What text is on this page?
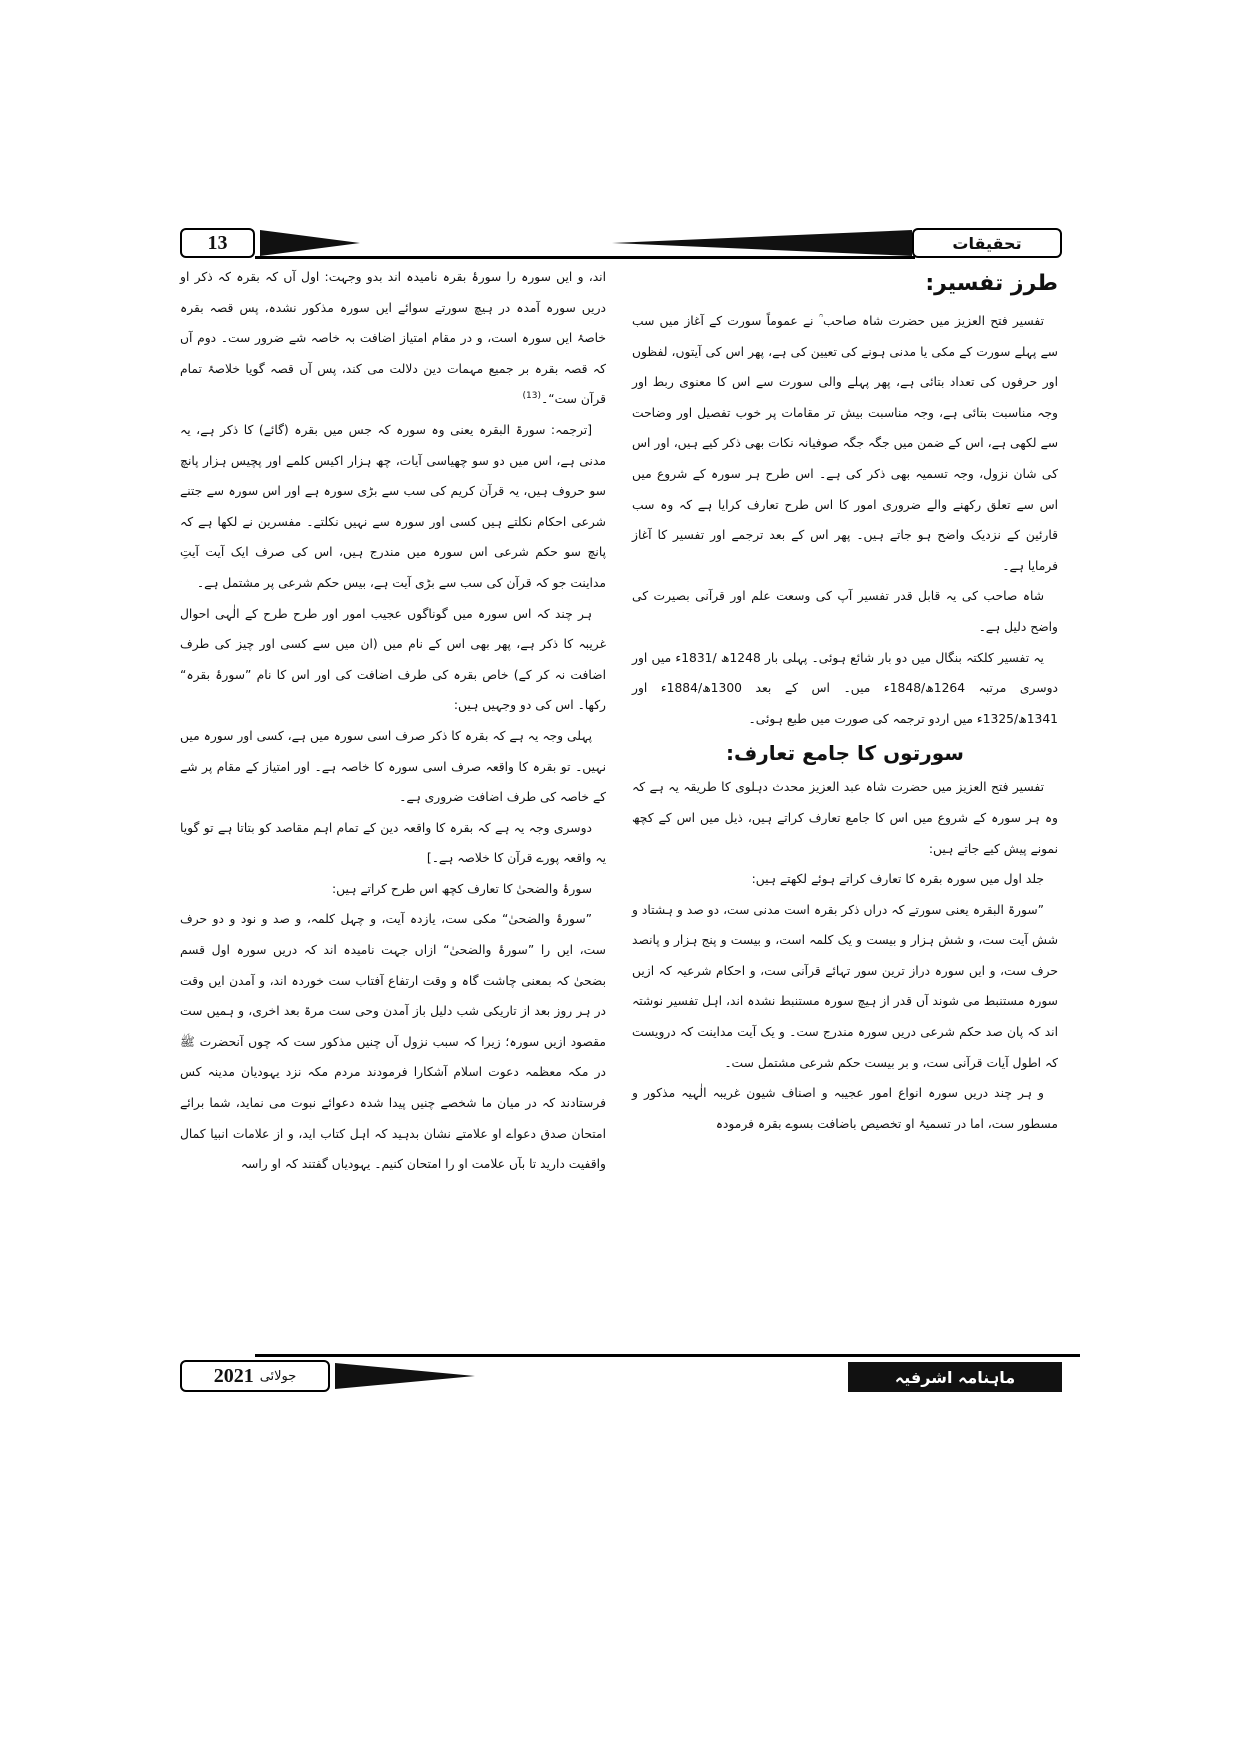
13	تحقیقات

طرز تفسیر:

تفسیر فتح العزیز میں حضرت شاہ صاحب ؒ نے عموماً سورت کے آغاز میں سب سے پہلے سورت کے مکی یا مدنی ہونے کی تعیین کی ہے، پھر اس کی آیتوں، لفظوں اور حرفوں کی تعداد بتائی ہے، پھر پہلے والی سورت سے اس کا معنوی ربط اور وجہ مناسبت بتائی ہے، وجہ مناسبت بیش تر مقامات پر خوب تفصیل اور وضاحت سے لکھی ہے، اس کے ضمن میں جگہ جگہ صوفیانہ نکات بھی ذکر کیے ہیں، اور اس کی شان نزول، وجہ تسمیہ بھی ذکر کی ہے۔ اس طرح ہر سورہ کے شروع میں اس سے تعلق رکھنے والے ضروری امور کا اس طرح تعارف کرایا ہے کہ وہ سب قارئین کے نزدیک واضح ہو جاتے ہیں۔ پھر اس کے بعد ترجمے اور تفسیر کا آغاز فرمایا ہے۔

شاہ صاحب کی یہ قابل قدر تفسیر آپ کی وسعت علم اور قرآنی بصیرت کی واضح دلیل ہے۔

یہ تفسیر کلکتہ بنگال میں دو بار شائع ہوئی۔ پہلی بار 1248ھ /1831ء میں اور دوسری مرتبہ 1264ھ/1848ء میں۔ اس کے بعد 1300ھ/1884ء اور 1341ھ/1325ء میں اردو ترجمہ کی صورت میں طبع ہوئی۔

سورتوں کا جامع تعارف:

تفسیر فتح العزیز میں حضرت شاہ عبد العزیز محدث دہلوی کا طریقہ یہ ہے کہ وہ ہر سورہ کے شروع میں اس کا جامع تعارف کراتے ہیں، ذیل میں اس کے کچھ نمونے پیش کیے جاتے ہیں:

جلد اول میں سورہ بقرہ کا تعارف کراتے ہوئے لکھتے ہیں:

”سورۃ البقرہ یعنی سورتے کہ دراں ذکر بقرہ است مدنی ست، دو صد و ہشتاد و شش آیت ست، و شش ہزار و بیست و یک کلمہ است، و بیست و پنج ہزار و پانصد حرف ست، و ایں سورہ دراز ترین سور تہائے قرآنی ست، و احکام شرعیہ کہ ازیں سورہ مستنبط می شوند آں قدر از ہیچ سورہ مستنبط نشدہ اند، اہل تفسیر نوشتہ اند کہ پان صد حکم شرعی دریں سورہ مندرج ست۔ و یک آیت مداینت کہ درویست کہ اطول آیات قرآنی ست، و بر بیست حکم شرعی مشتمل ست۔

و ہر چند دریں سورہ انواع امور عجیبہ و اصناف شیون غریبہ الٰہیہ مذکور و مسطور ست، اما در تسمیۂ او تخصیص باضافت بسوے بقرہ فرمودہ

اند، و ایں سورہ را سورۂ بقرہ نامیدہ اند بدو وجہت: اول آں کہ بقرہ کہ ذکر او دریں سورہ آمدہ در ہیچ سورتے سوائے ایں سورہ مذکور نشدہ، پس قصہ بقرہ خاصۂ ایں سورہ است، و در مقام امتیاز اضافت بہ خاصہ شے ضرور ست۔ دوم آں کہ قصہ بقرہ بر جمیع مہمات دین دلالت می کند، پس آں قصہ گویا خلاصۂ تمام قرآن ست“۔$^{(13)}$

[ترجمہ: سورۃ البقرہ یعنی وہ سورہ کہ جس میں بقرہ (گائے) کا ذکر ہے، یہ مدنی ہے، اس میں دو سو چھیاسی آیات، چھ ہزار اکیس کلمے اور پچیس ہزار پانچ سو حروف ہیں، یہ قرآن کریم کی سب سے بڑی سورہ ہے اور اس سورہ سے جتنے شرعی احکام نکلتے ہیں کسی اور سورہ سے نہیں نکلتے۔ مفسرین نے لکھا ہے کہ پانچ سو حکم شرعی اس سورہ میں مندرج ہیں، اس کی صرف ایک آیت آیتِ مداینت جو کہ قرآن کی سب سے بڑی آیت ہے، بیس حکم شرعی پر مشتمل ہے۔

ہر چند کہ اس سورہ میں گوناگوں عجیب امور اور طرح طرح کے الٰہی احوال غریبہ کا ذکر ہے، پھر بھی اس کے نام میں (ان میں سے کسی اور چیز کی طرف اضافت نہ کر کے) خاص بقرہ کی طرف اضافت کی اور اس کا نام ”سورۂ بقرہ“ رکھا۔ اس کی دو وجہیں ہیں:

پہلی وجہ یہ ہے کہ بقرہ کا ذکر صرف اسی سورہ میں ہے، کسی اور سورہ میں نہیں۔ تو بقرہ کا واقعہ صرف اسی سورہ کا خاصہ ہے۔ اور امتیاز کے مقام پر شے کے خاصہ کی طرف اضافت ضروری ہے۔

دوسری وجہ یہ ہے کہ بقرہ کا واقعہ دین کے تمام اہم مقاصد کو بتاتا ہے تو گویا یہ واقعہ پورے قرآن کا خلاصہ ہے۔]

سورۂ والضحیٰ کا تعارف کچھ اس طرح کراتے ہیں:

”سورۂ والضحیٰ“ مکی ست، یازدہ آیت، و چہل کلمہ، و صد و نود و دو حرف ست، ایں را ”سورۂ والضحیٰ“ ازاں جہت نامیدہ اند کہ دریں سورہ اول قسم بضحیٰ کہ بمعنی چاشت گاہ و وقت ارتفاع آفتاب ست خوردہ اند، و آمدن ایں وقت در ہر روز بعد از تاریکی شب دلیل باز آمدن وحی ست مرۃ بعد اخری، و ہمیں ست مقصود ازیں سورہ؛ زیرا کہ سبب نزول آں چنیں مذکور ست کہ چوں آنحضرت ﷺ در مکہ معظمہ دعوت اسلام آشکارا فرمودند مردم مکہ نزد یہودیان مدینہ کس فرستادند کہ در میان ما شخصے چنیں پیدا شدہ دعوائے نبوت می نماید، شما برائے امتحان صدق دعواے او علامتے نشان بدہید کہ اہل کتاب اید، و از علامات انبیا کمال واقفیت دارید تا بآں علامت او را امتحان کنیم۔ یہودیاں گفتند کہ او راسہ

جولائی
2021	ماہنامہ اشرفیہ
